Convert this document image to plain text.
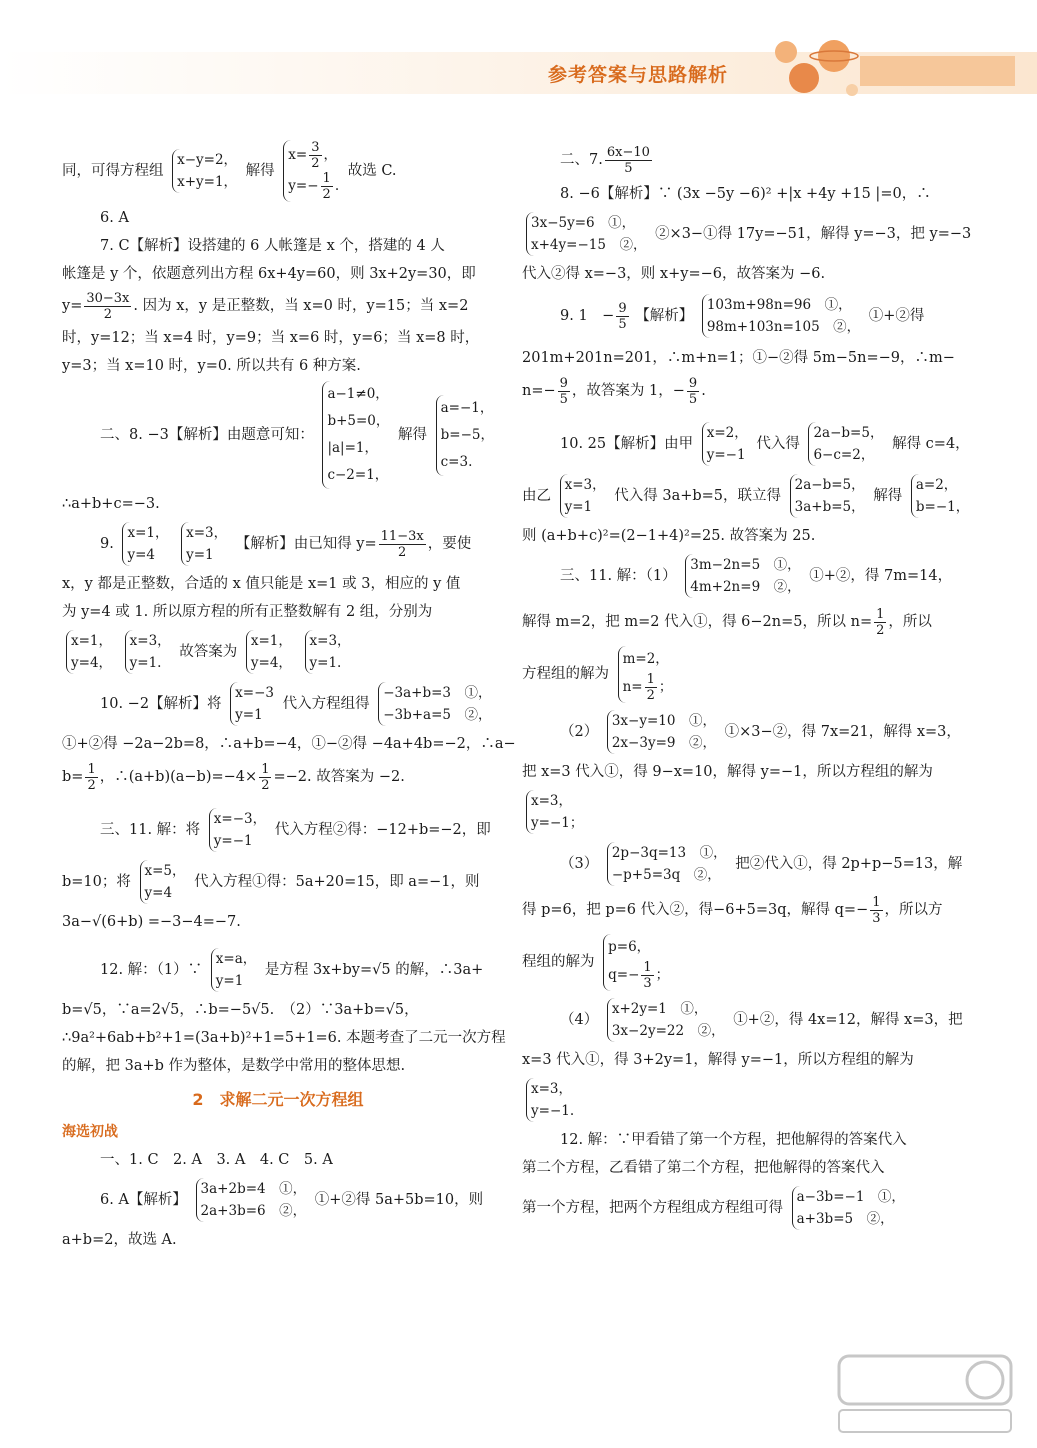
参考答案与思路解析
同，可得方程组
x−y=2，
x+y=1，
解得
$x= \frac{3}{2}$ ，
$y=- \frac{1}{2}$ .
故选 C.
6. A
7. C【解析】设搭建的 6 人帐篷是 x 个，搭建的 4 人
帐篷是 y 个，依题意列出方程 6x+4y=60，则 3x+2y=30，即
$y= \frac{30-3x}{2}$ . 因为 x，y 是正整数，当 x=0 时，y=15；当 x=2
时，y=12；当 x=4 时，y=9；当 x=6 时，y=6；当 x=8 时，
y=3；当 x=10 时，y=0. 所以共有 6 种方案.
二、8. −3【解析】由题意可知：
a−1≠0，
b+5=0，
|a|=1，
c−2=1，
解得
a=−1，
b=−5，
c=3.
∴a+b+c=−3.
9.
x=1，
y=4

x=3，
y=1
【解析】由已知得 $y= \frac{11-3x}{2}$ ，要使
x，y 都是正整数，合适的 x 值只能是 x=1 或 3，相应的 y 值
为 y=4 或 1. 所以原方程的所有正整数解有 2 组，分别为
x=1，
y=4，

x=3，
y=1.
故答案为
x=1，
y=4，

x=3，
y=1.
10. −2【解析】将
x=−3
y=1
代入方程组得
−3a+b=3　①，
−3b+a=5　②，
①+②得 −2a−2b=8，∴a+b=−4，①−②得 −4a+4b=−2，∴a−
$b= \frac{1}{2}$ ，∴(a+b)(a−b)=−4× $\frac{1}{2} =-2$. 故答案为 −2.
三、11. 解：将
x=−3，
y=−1
代入方程②得：−12+b=−2，即
b=10；将
x=5，
y=4
代入方程①得：5a+20=15，即 a=−1，则
3a−√(6+b) =−3−4=−7.
12. 解：（1）∵
x=a，
y=1
是方程 3x+by=√5 的解，∴3a+
b=√5，∵a=2√5，∴b=−5√5.　（2）∵3a+b=√5，
∴9a²+6ab+b²+1=(3a+b)²+1=5+1=6. 本题考查了二元一次方程
的解，把 3a+b 作为整体，是数学中常用的整体思想.
2　求解二元一次方程组
海选初战
一、1. C　2. A　3. A　4. C　5. A
6. A【解析】
3a+2b=4　①，
2a+3b=6　②，
①+②得 5a+5b=10，则
a+b=2，故选 A.
二、7. $\frac{6x-10}{5}$
8. −6【解析】∵ (3x −5y −6)² +|x +4y +15 |=0，∴
3x−5y=6　①，
x+4y=−15　②，
②×3−①得 17y=−51，解得 y=−3，把 y=−3
代入②得 x=−3，则 x+y=−6，故答案为 −6.
9. 1　− $\frac{9}{5}$ 【解析】
103m+98n=96　①，
98m+103n=105　②，
①+②得
201m+201n=201，∴m+n=1；①−②得 5m−5n=−9，∴m−
$n=- \frac{9}{5}$ ，故答案为 1，− $\frac{9}{5}$ .
10. 25【解析】由甲
x=2，
y=−1
代入得
2a−b=5，
6−c=2，
解得 c=4，
由乙
x=3，
y=1
代入得 3a+b=5，联立得
2a−b=5，
3a+b=5，
解得
a=2，
b=−1，
则 (a+b+c)²=(2−1+4)²=25. 故答案为 25.
三、11. 解：（1）
3m−2n=5　①，
4m+2n=9　②，
①+②，得 7m=14，
解得 m=2，把 m=2 代入①，得 6−2n=5，所以 $n= \frac{1}{2}$ ，所以
方程组的解为
m=2，
$n= \frac{1}{2}$ ；
（2）
3x−y=10　①，
2x−3y=9　②，
①×3−②，得 7x=21，解得 x=3，
把 x=3 代入①，得 9−x=10，解得 y=−1，所以方程组的解为
x=3，
y=−1；
（3）
2p−3q=13　①，
−p+5=3q　②，
把②代入①，得 2p+p−5=13，解
得 p=6，把 p=6 代入②，得−6+5=3q，解得 $q=- \frac{1}{3}$ ，所以方
程组的解为
p=6，
$q=- \frac{1}{3}$ ；
（4）
x+2y=1　①，
3x−2y=22　②，
①+②，得 4x=12，解得 x=3，把
x=3 代入①，得 3+2y=1，解得 y=−1，所以方程组的解为
x=3，
y=−1.
12. 解：∵甲看错了第一个方程，把他解得的答案代入
第二个方程，乙看错了第二个方程，把他解得的答案代入
第一个方程，把两个方程组成方程组可得
a−3b=−1　①，
a+3b=5　②，
